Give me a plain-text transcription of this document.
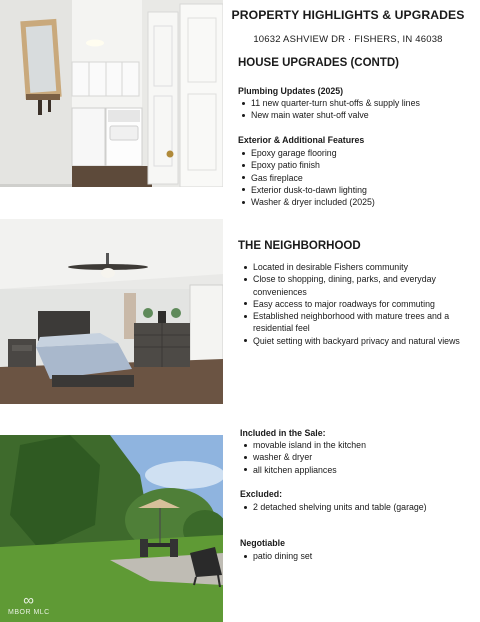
∞
MBOR MLC
PROPERTY HIGHLIGHTS & UPGRADES
10632 ASHVIEW DR · FISHERS, IN 46038
HOUSE UPGRADES (CONTD)
Plumbing Updates (2025)
11 new quarter-turn shut-offs & supply lines
New main water shut-off valve
Exterior & Additional Features
Epoxy garage flooring
Epoxy patio finish
Gas fireplace
Exterior dusk-to-dawn lighting
Washer & dryer included (2025)
THE NEIGHBORHOOD
Located in desirable Fishers community
Close to shopping, dining, parks, and everyday conveniences
Easy access to major roadways for commuting
Established neighborhood with mature trees and a residential feel
Quiet setting with backyard privacy and natural views
Included in the Sale:
movable island in the kitchen
washer & dryer
all kitchen appliances
Excluded:
2 detached shelving units and table (garage)
Negotiable
patio dining set
